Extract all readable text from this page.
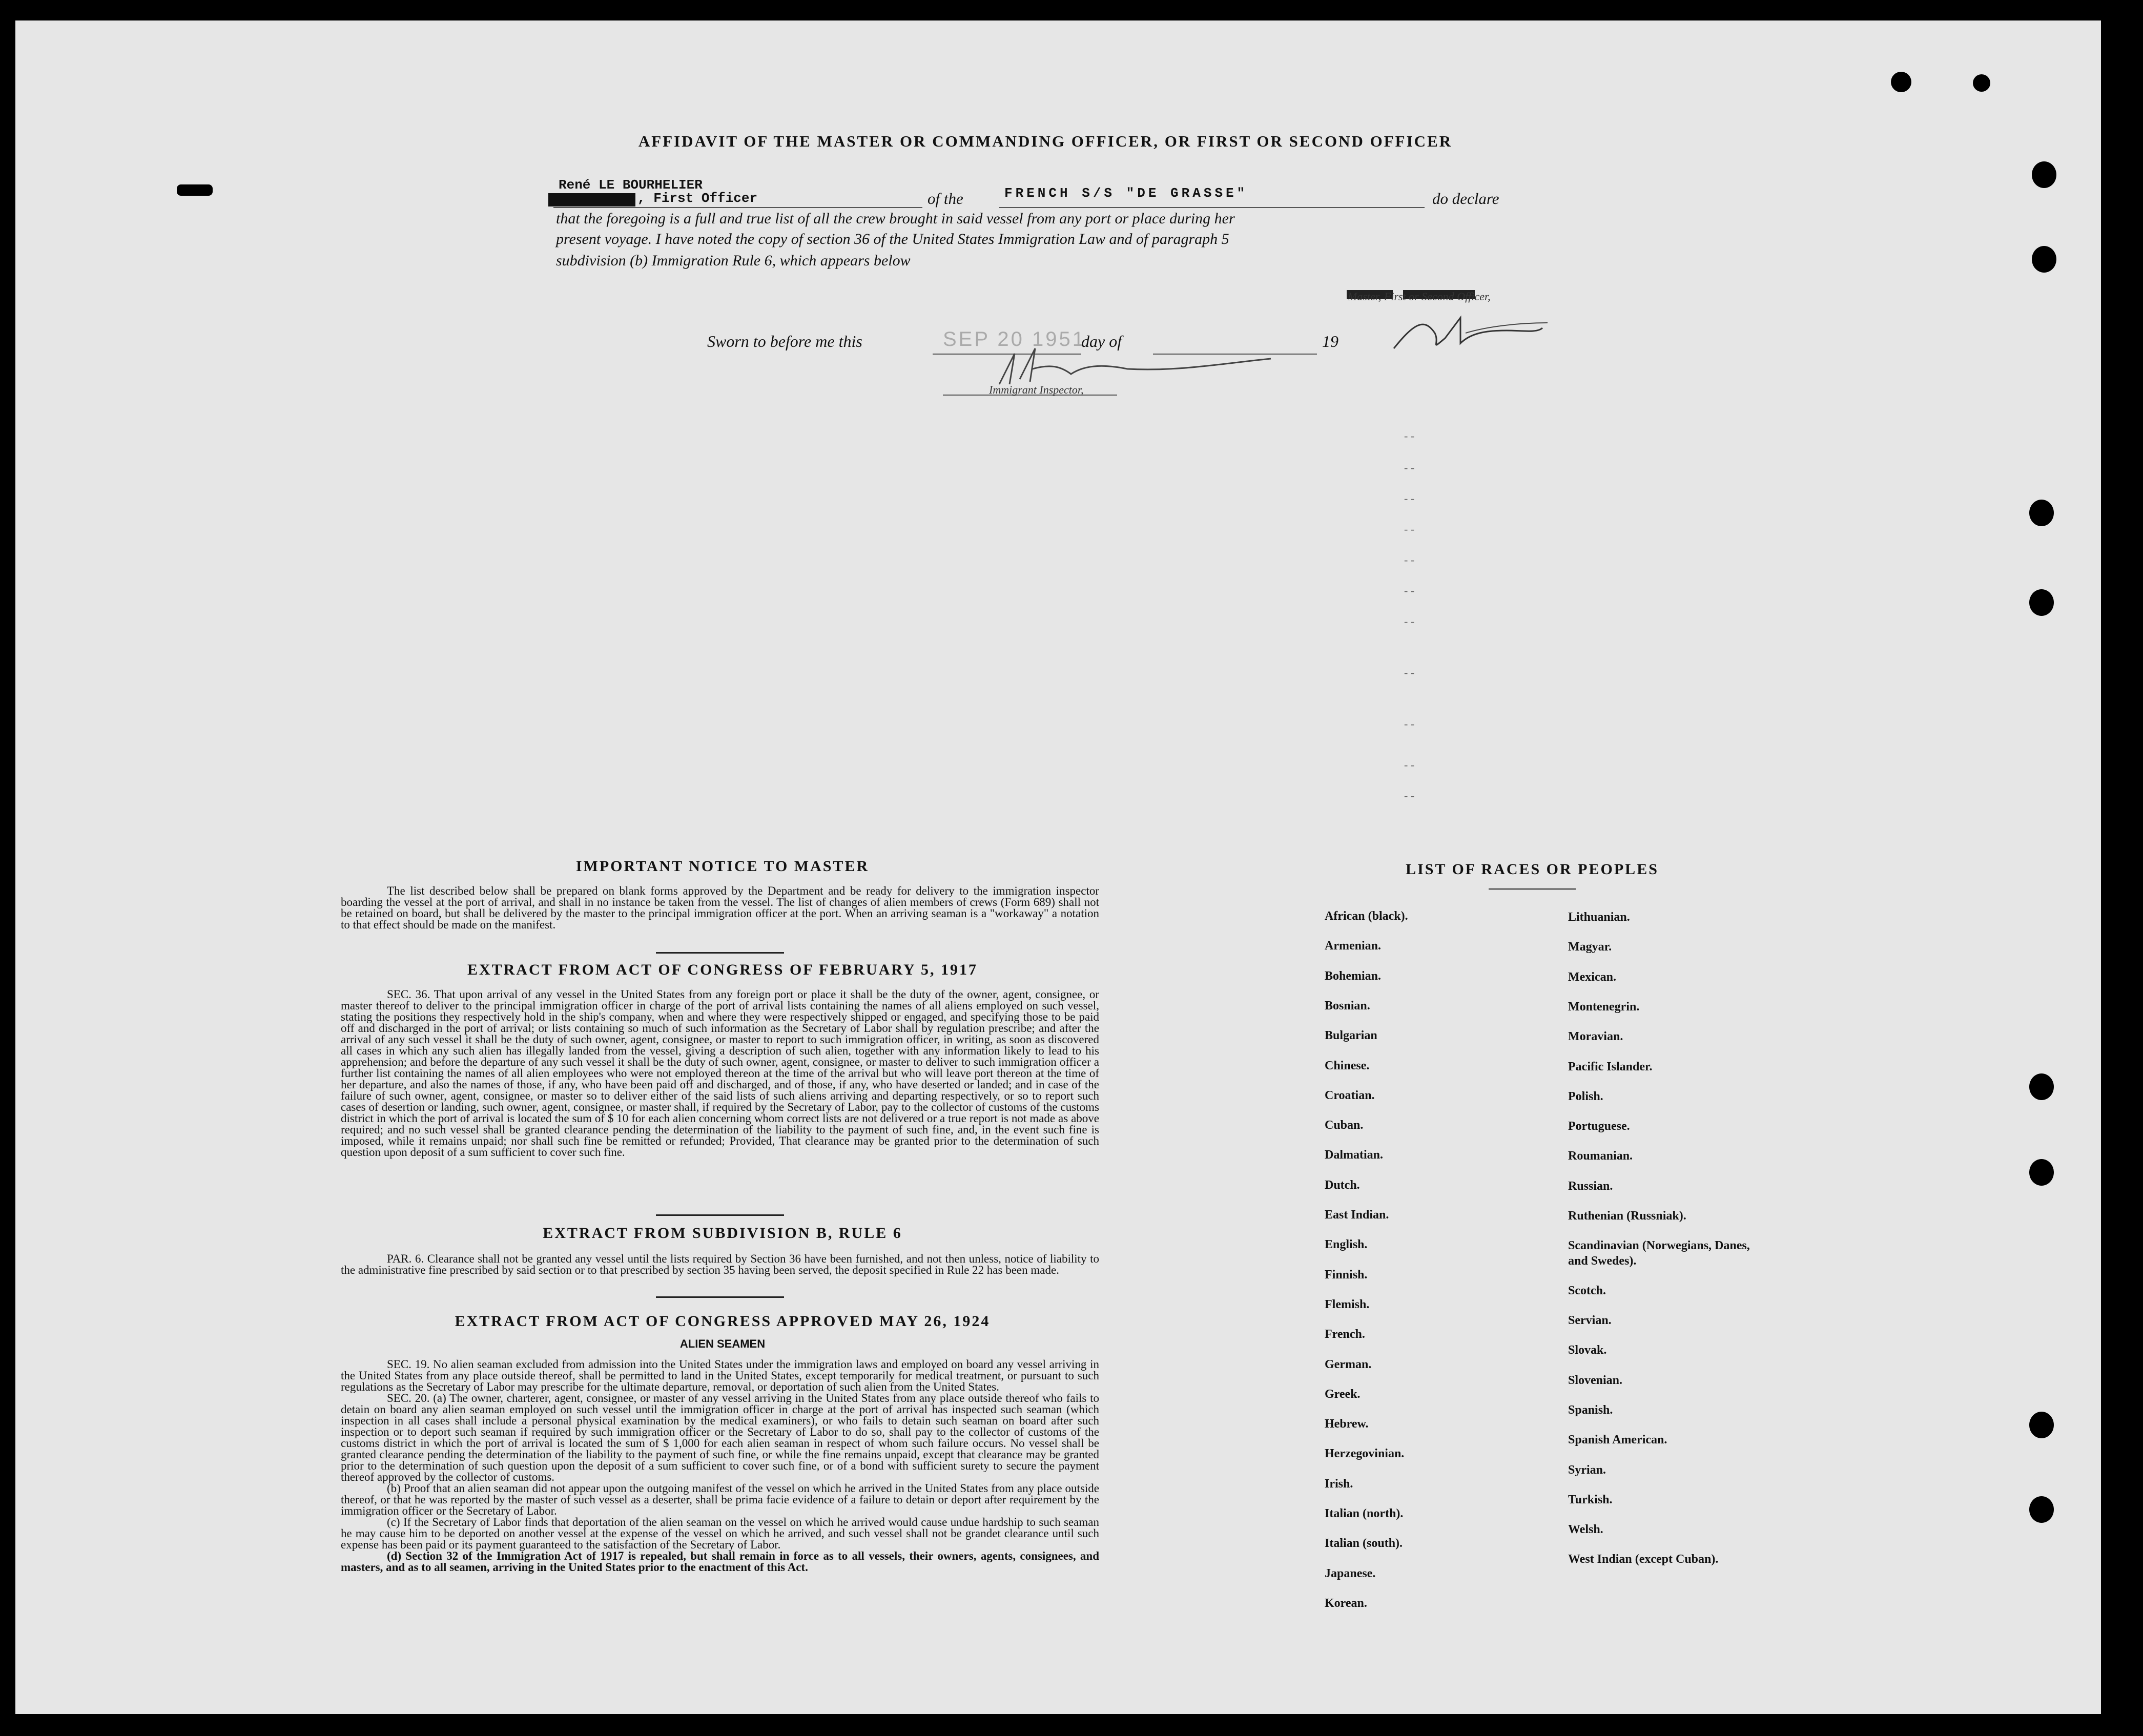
AFFIDAVIT OF THE MASTER OR COMMANDING OFFICER, OR FIRST OR SECOND OFFICER
René LE BOURHELIER
, First Officer	of the	FRENCH S/S "DE GRASSE"	do declare
that the foregoing is a full and true list of all the crew brought in said vessel from any port or place during her
present voyage. I have noted the copy of section 36 of the United States Immigration Law and of paragraph 5
subdivision (b) Immigration Rule 6, which appears below
Master, First or Second Officer,
Sworn to before me this	SEP 20 1951
day of	19
Immigrant Inspector,
- -
- -
- -
- -
- -
- -
- -
- -
- -
- -
- -
IMPORTANT NOTICE TO MASTER

The list described below shall be prepared on blank forms approved by the Department and be ready for delivery to the immigration inspector boarding the vessel at the port of arrival, and shall in no instance be taken from the vessel. The list of changes of alien members of crews (Form 689) shall not be retained on board, but shall be delivered by the master to the principal immigration officer at the port. When an arriving seaman is a "workaway" a notation to that effect should be made on the manifest.

EXTRACT FROM ACT OF CONGRESS OF FEBRUARY 5, 1917

SEC. 36. That upon arrival of any vessel in the United States from any foreign port or place it shall be the duty of the owner, agent, consignee, or master thereof to deliver to the principal immigration officer in charge of the port of arrival lists containing the names of all aliens employed on such vessel, stating the positions they respectively hold in the ship's company, when and where they were respectively shipped or engaged, and specifying those to be paid off and discharged in the port of arrival; or lists containing so much of such information as the Secretary of Labor shall by regulation prescribe; and after the arrival of any such vessel it shall be the duty of such owner, agent, consignee, or master to report to such immigration officer, in writing, as soon as discovered all cases in which any such alien has illegally landed from the vessel, giving a description of such alien, together with any information likely to lead to his apprehension; and before the departure of any such vessel it shall be the duty of such owner, agent, consignee, or master to deliver to such immigration officer a further list containing the names of all alien employees who were not employed thereon at the time of the arrival but who will leave port thereon at the time of her departure, and also the names of those, if any, who have been paid off and discharged, and of those, if any, who have deserted or landed; and in case of the failure of such owner, agent, consignee, or master so to deliver either of the said lists of such aliens arriving and departing respectively, or so to report such cases of desertion or landing, such owner, agent, consignee, or master shall, if required by the Secretary of Labor, pay to the collector of customs of the customs district in which the port of arrival is located the sum of $ 10 for each alien concerning whom correct lists are not delivered or a true report is not made as above required; and no such vessel shall be granted clearance pending the determination of the liability to the payment of such fine, and, in the event such fine is imposed, while it remains unpaid; nor shall such fine be remitted or refunded; Provided, That clearance may be granted prior to the determination of such question upon deposit of a sum sufficient to cover such fine.

EXTRACT FROM SUBDIVISION B, RULE 6

PAR. 6. Clearance shall not be granted any vessel until the lists required by Section 36 have been furnished, and not then unless, notice of liability to the administrative fine prescribed by said section or to that prescribed by section 35 having been served, the deposit specified in Rule 22 has been made.

EXTRACT FROM ACT OF CONGRESS APPROVED MAY 26, 1924
ALIEN SEAMEN

SEC. 19. No alien seaman excluded from admission into the United States under the immigration laws and employed on board any vessel arriving in the United States from any place outside thereof, shall be permitted to land in the United States, except temporarily for medical treatment, or pursuant to such regulations as the Secretary of Labor may prescribe for the ultimate departure, removal, or deportation of such alien from the United States.

SEC. 20. (a) The owner, charterer, agent, consignee, or master of any vessel arriving in the United States from any place outside thereof who fails to detain on board any alien seaman employed on such vessel until the immigration officer in charge at the port of arrival has inspected such seaman (which inspection in all cases shall include a personal physical examination by the medical examiners), or who fails to detain such seaman on board after such inspection or to deport such seaman if required by such immigration officer or the Secretary of Labor to do so, shall pay to the collector of customs of the customs district in which the port of arrival is located the sum of $ 1,000 for each alien seaman in respect of whom such failure occurs. No vessel shall be granted clearance pending the determination of the liability to the payment of such fine, or while the fine remains unpaid, except that clearance may be granted prior to the determination of such question upon the deposit of a sum sufficient to cover such fine, or of a bond with sufficient surety to secure the payment thereof approved by the collector of customs.

(b) Proof that an alien seaman did not appear upon the outgoing manifest of the vessel on which he arrived in the United States from any place outside thereof, or that he was reported by the master of such vessel as a deserter, shall be prima facie evidence of a failure to detain or deport after requirement by the immigration officer or the Secretary of Labor.

(c) If the Secretary of Labor finds that deportation of the alien seaman on the vessel on which he arrived would cause undue hardship to such seaman he may cause him to be deported on another vessel at the expense of the vessel on which he arrived, and such vessel shall not be grandet clearance until such expense has been paid or its payment guaranteed to the satisfaction of the Secretary of Labor.

(d) Section 32 of the Immigration Act of 1917 is repealed, but shall remain in force as to all vessels, their owners, agents, consignees, and masters, and as to all seamen, arriving in the United States prior to the enactment of this Act.

LIST OF RACES OR PEOPLES
African (black).
Armenian.
Bohemian.
Bosnian.
Bulgarian
Chinese.
Croatian.
Cuban.
Dalmatian.
Dutch.
East Indian.
English.
Finnish.
Flemish.
French.
German.
Greek.
Hebrew.
Herzegovinian.
Irish.
Italian (north).
Italian (south).
Japanese.
Korean.
Lithuanian.
Magyar.
Mexican.
Montenegrin.
Moravian.
Pacific Islander.
Polish.
Portuguese.
Roumanian.
Russian.
Ruthenian (Russniak).
Scandinavian (Norwegians, Danes, and Swedes).
Scotch.
Servian.
Slovak.
Slovenian.
Spanish.
Spanish American.
Syrian.
Turkish.
Welsh.
West Indian (except Cuban).
